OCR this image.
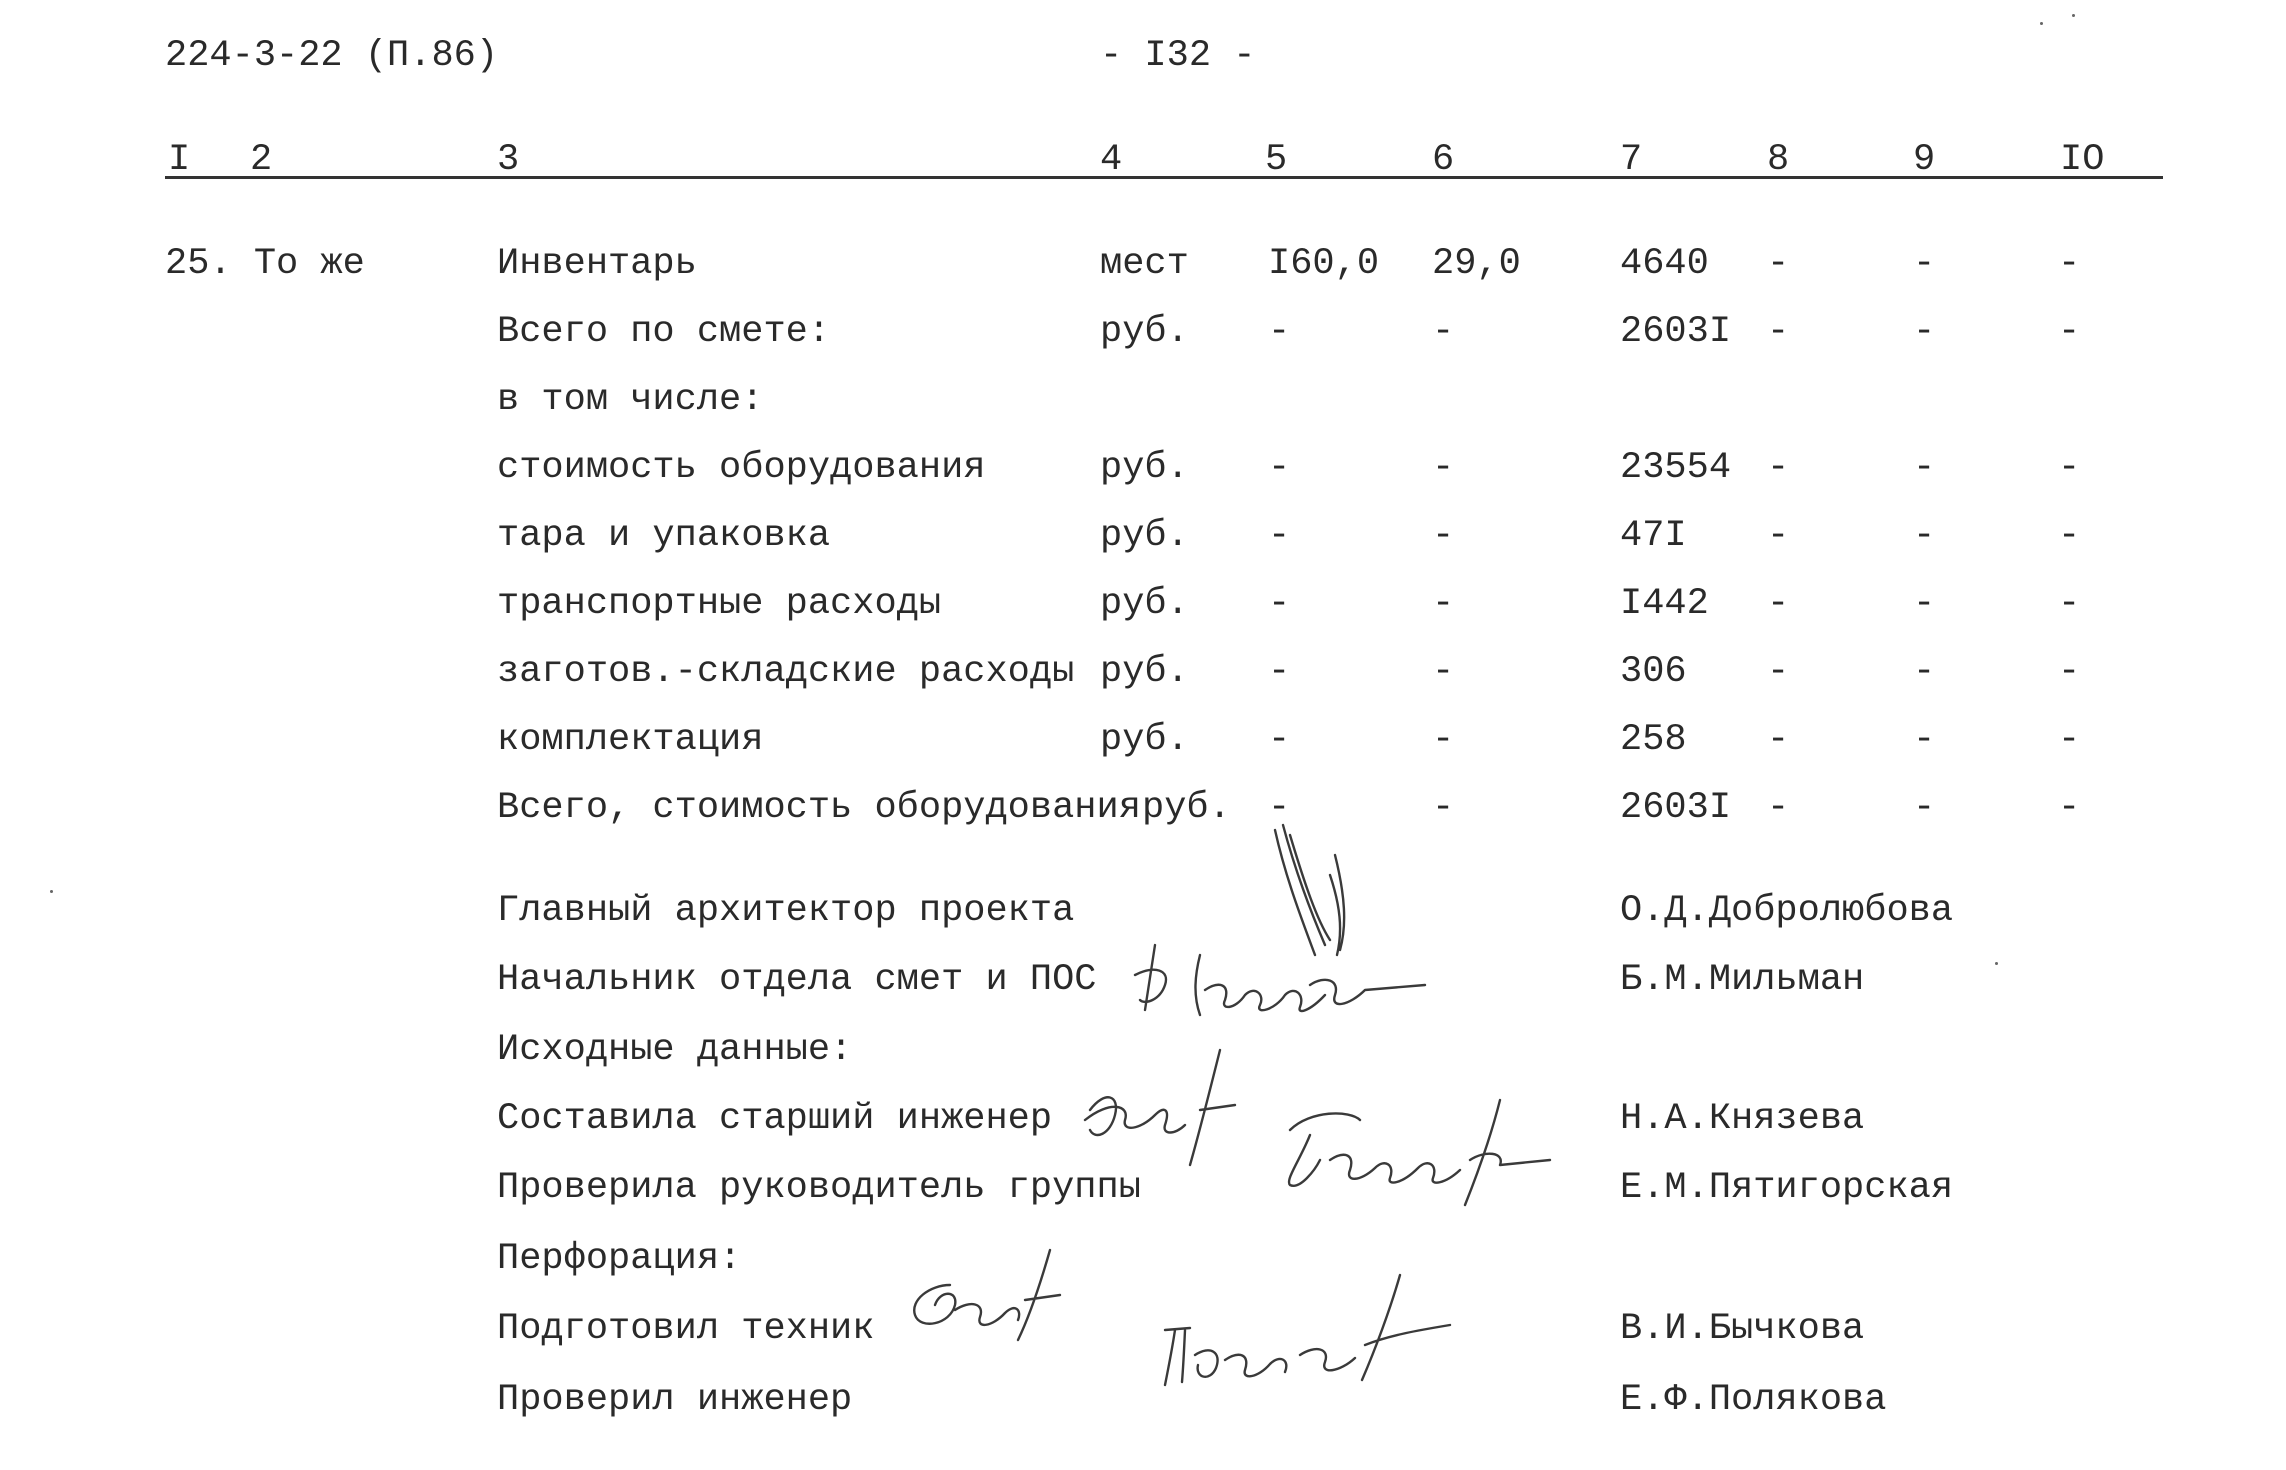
224-3-22 (П.86)	- I32 -
I 2	3	4	5	6	7	8	9	IO
25. То же	Инвентарь	мест I60,0 29,0	4640 -	-	-
Всего по смете:	руб. -	-	2603I -	-	-
в том числе:
стоимость оборудования	руб. -	-	23554 -	-	-
тара и упаковка	руб. -	-	47I -	-	-
транспортные расходы	руб. -	-	I442 -	-	-
заготов.-складские расходы руб. -	-	306 -	-	-
комплектация	руб. -	-	258 -	-	-
Всего, стоимость оборудования руб. -	-	2603I -	-	-
Главный архитектор проекта	О.Д.Добролюбова
Начальник отдела смет и ПОС	Б.М.Мильман
Исходные данные:
Составила старший инженер	Н.А.Князева
Проверила руководитель группы	Е.М.Пятигорская
Перфорация:
Подготовил техник	В.И.Бычкова
Проверил инженер	Е.Ф.Полякова
